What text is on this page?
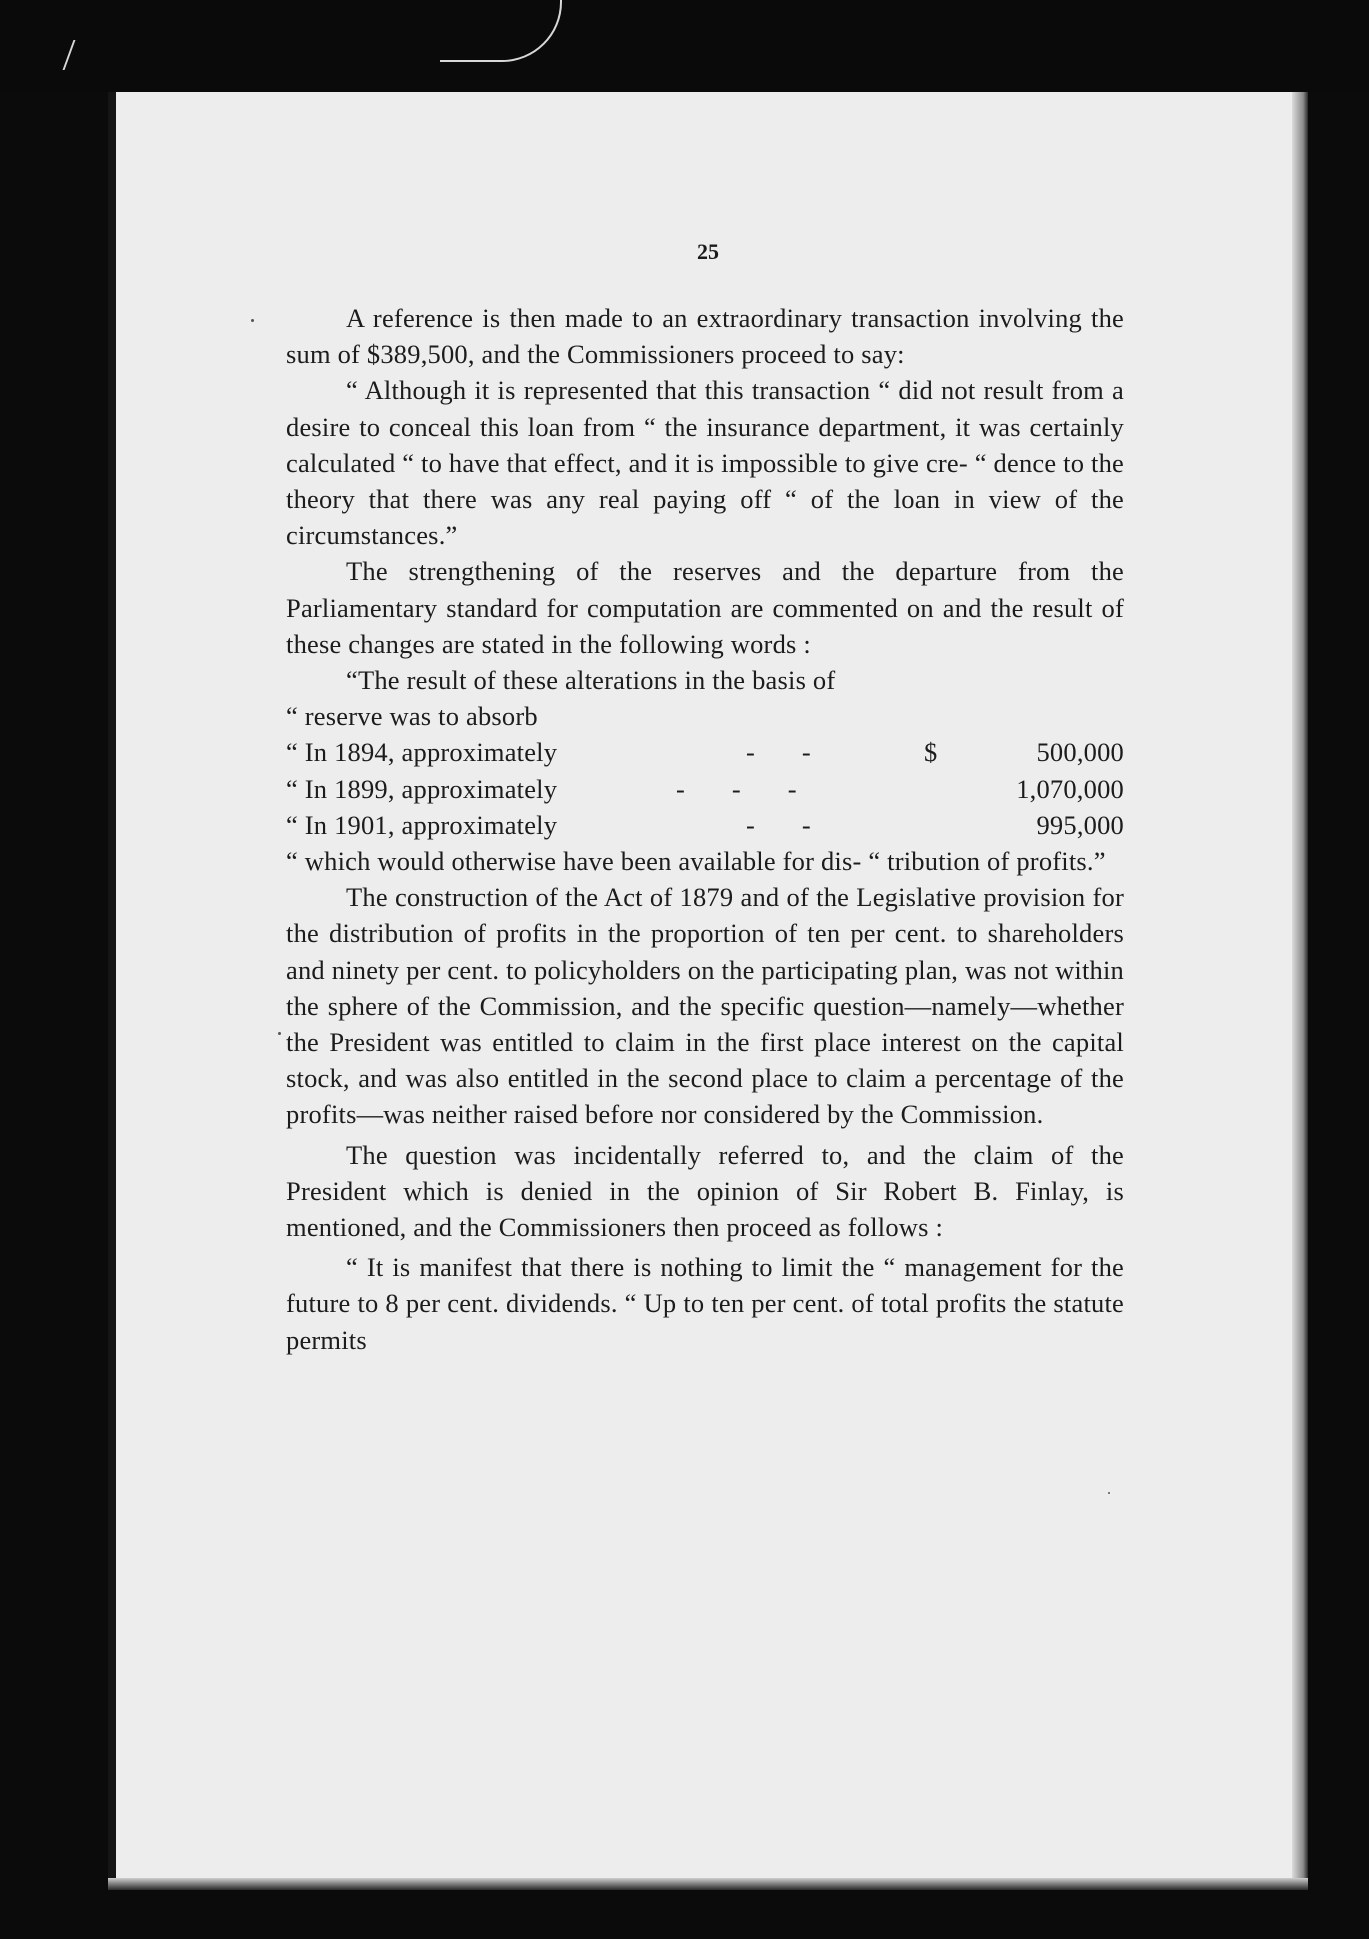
25

A reference is then made to an extraordinary transaction involving the sum of $389,500, and the Commissioners proceed to say:

“ Although it is represented that this transaction “ did not result from a desire to conceal this loan from “ the insurance department, it was certainly calculated “ to have that effect, and it is impossible to give cre- “ dence to the theory that there was any real paying off “ of the loan in view of the circumstances.”

The strengthening of the reserves and the departure from the Parliamentary standard for computation are commented on and the result of these changes are stated in the following words :

“The result of these alterations in the basis of

“ reserve was to absorb

“ In 1894, approximately	- -	$	500,000
“ In 1899, approximately	- - -	1,070,000
“ In 1901, approximately	- -	995,000

“ which would otherwise have been available for dis- “ tribution of profits.”

The construction of the Act of 1879 and of the Legislative provision for the distribution of profits in the proportion of ten per cent. to shareholders and ninety per cent. to policyholders on the participating plan, was not within the sphere of the Commission, and the specific question—namely—whether the President was entitled to claim in the first place interest on the capital stock, and was also entitled in the second place to claim a percentage of the profits—was neither raised before nor considered by the Commission.

The question was incidentally referred to, and the claim of the President which is denied in the opinion of Sir Robert B. Finlay, is mentioned, and the Commissioners then proceed as follows :

“ It is manifest that there is nothing to limit the “ management for the future to 8 per cent. dividends. “ Up to ten per cent. of total profits the statute permits
